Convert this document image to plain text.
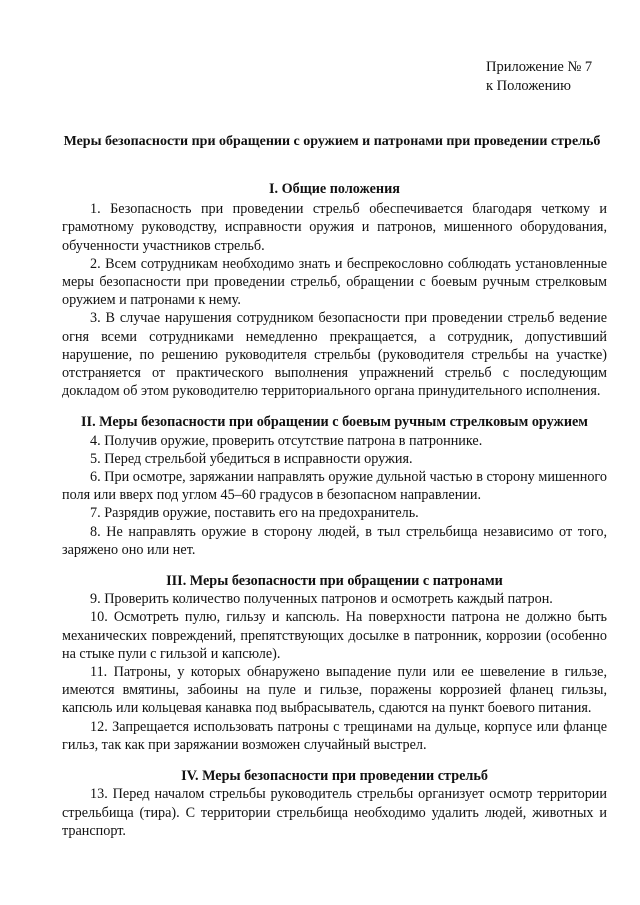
Приложение № 7
к Положению
Меры безопасности при обращении с оружием и патронами при проведении стрельб
I. Общие положения

1. Безопасность при проведении стрельб обеспечивается благодаря четкому и грамотному руководству, исправности оружия и патронов, мишенного оборудования, обученности участников стрельб.

2. Всем сотрудникам необходимо знать и беспрекословно соблюдать установленные меры безопасности при проведении стрельб, обращении с боевым ручным стрелковым оружием и патронами к нему.

3. В случае нарушения сотрудником безопасности при проведении стрельб ведение огня всеми сотрудниками немедленно прекращается, а сотрудник, допустивший нарушение, по решению руководителя стрельбы (руководителя стрельбы на участке) отстраняется от практического выполнения упражнений стрельб с последующим докладом об этом руководителю территориального органа принудительного исполнения.

II. Меры безопасности при обращении с боевым ручным стрелковым оружием

4. Получив оружие, проверить отсутствие патрона в патроннике.

5. Перед стрельбой убедиться в исправности оружия.

6. При осмотре, заряжании направлять оружие дульной частью в сторону мишенного поля или вверх под углом 45–60 градусов в безопасном направлении.

7. Разрядив оружие, поставить его на предохранитель.

8. Не направлять оружие в сторону людей, в тыл стрельбища независимо от того, заряжено оно или нет.

III. Меры безопасности при обращении с патронами

9. Проверить количество полученных патронов и осмотреть каждый патрон.

10. Осмотреть пулю, гильзу и капсюль. На поверхности патрона не должно быть механических повреждений, препятствующих досылке в патронник, коррозии (особенно на стыке пули с гильзой и капсюле).

11. Патроны, у которых обнаружено выпадение пули или ее шевеление в гильзе, имеются вмятины, забоины на пуле и гильзе, поражены коррозией фланец гильзы, капсюль или кольцевая канавка под выбрасыватель, сдаются на пункт боевого питания.

12. Запрещается использовать патроны с трещинами на дульце, корпусе или фланце гильз, так как при заряжании возможен случайный выстрел.

IV. Меры безопасности при проведении стрельб

13. Перед началом стрельбы руководитель стрельбы организует осмотр территории стрельбища (тира). С территории стрельбища необходимо удалить людей, животных и транспорт.
